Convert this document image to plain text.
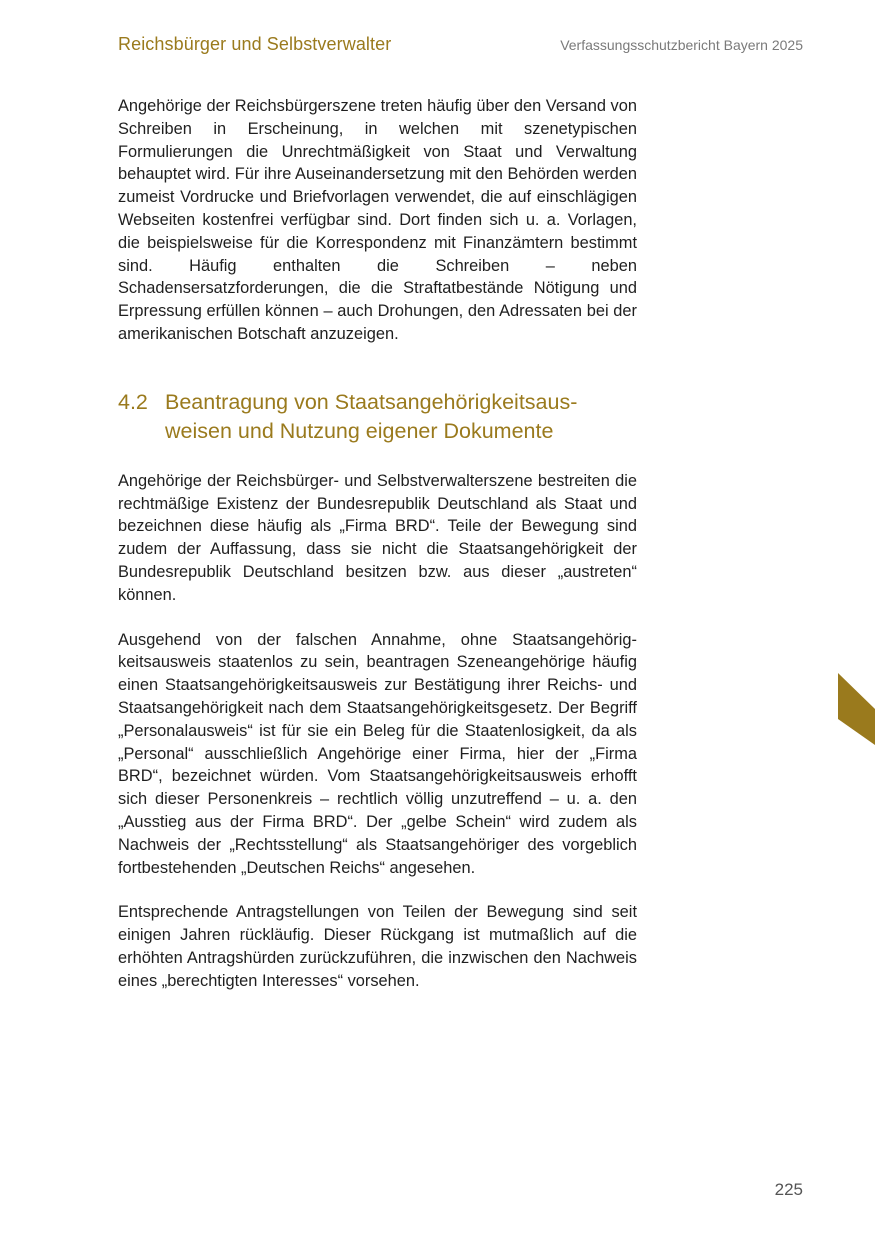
Reichsbürger und Selbstverwalter	Verfassungsschutzbericht Bayern 2025

Angehörige der Reichsbürgerszene treten häufig über den Versand von Schreiben in Erscheinung, in welchen mit szenetypischen Formulierungen die Unrechtmäßigkeit von Staat und Verwaltung behauptet wird. Für ihre Auseinandersetzung mit den Behörden werden zumeist Vordrucke und Briefvorlagen verwendet, die auf einschlägigen Webseiten kostenfrei verfügbar sind. Dort finden sich u. a. Vorlagen, die beispielsweise für die Korrespondenz mit Finanzämtern bestimmt sind. Häufig enthalten die Schreiben – neben Schadensersatzforderungen, die die Straftatbestände Nötigung und Erpressung erfüllen können – auch Drohungen, den Adressaten bei der amerikanischen Botschaft anzuzeigen.

4.2 Beantragung von Staatsangehörigkeitsausweisen und Nutzung eigener Dokumente

Angehörige der Reichsbürger- und Selbstverwalterszene bestreiten die rechtmäßige Existenz der Bundesrepublik Deutschland als Staat und bezeichnen diese häufig als „Firma BRD“. Teile der Bewegung sind zudem der Auffassung, dass sie nicht die Staatsangehörigkeit der Bundesrepublik Deutschland besitzen bzw. aus dieser „austreten“ können.

Ausgehend von der falschen Annahme, ohne Staatsangehörigkeitsausweis staatenlos zu sein, beantragen Szeneangehörige häufig einen Staatsangehörigkeitsausweis zur Bestätigung ihrer Reichs- und Staatsangehörigkeit nach dem Staatsangehörigkeitsgesetz. Der Begriff „Personalausweis“ ist für sie ein Beleg für die Staatenlosigkeit, da als „Personal“ ausschließlich Angehörige einer Firma, hier der „Firma BRD“, bezeichnet würden. Vom Staatsangehörigkeitsausweis erhofft sich dieser Personenkreis – rechtlich völlig unzutreffend – u. a. den „Ausstieg aus der Firma BRD“. Der „gelbe Schein“ wird zudem als Nachweis der „Rechtsstellung“ als Staatsangehöriger des vorgeblich fortbestehenden „Deutschen Reichs“ angesehen.

Entsprechende Antragstellungen von Teilen der Bewegung sind seit einigen Jahren rückläufig. Dieser Rückgang ist mutmaßlich auf die erhöhten Antragshürden zurückzuführen, die inzwischen den Nachweis eines „berechtigten Interesses“ vorsehen.

225
